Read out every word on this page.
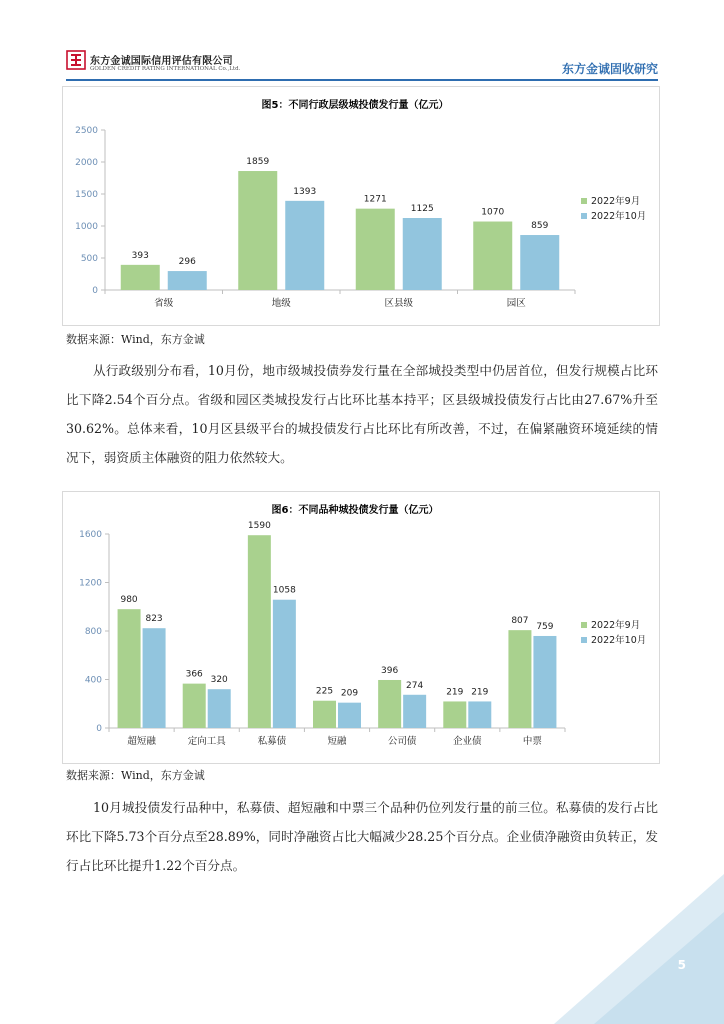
东方金诚国际信用评估有限公司
GOLDEN CREDIT RATING INTERNATIONAL Co.,Ltd.	东方金诚固收研究
图5：不同行政层级城投债发行量（亿元）
0
500
1000
1500
2000
2500
省级
393
296
地级
1859
1393
区县级
1271
1125
园区
1070
859
2022年9月
2022年10月
数据来源：Wind，东方金诚
从行政级别分布看，10月份，地市级城投债券发行量在全部城投类型中仍居首位，但发行规模占比环比下降2.54个百分点。省级和园区类城投发行占比环比基本持平；区县级城投债发行占比由27.67%升至30.62%。总体来看，10月区县级平台的城投债发行占比环比有所改善，不过，在偏紧融资环境延续的情况下，弱资质主体融资的阻力依然较大。
图6：不同品种城投债发行量（亿元）
0
400
800
1200
1600
超短融
980
823
定向工具
366
320
私募债
1590
1058
短融
225 209
公司债
396
274
企业债
219 219
中票
807
759	2022年9月
2022年10月
数据来源：Wind，东方金诚
10月城投债发行品种中，私募债、超短融和中票三个品种仍位列发行量的前三位。私募债的发行占比环比下降5.73个百分点至28.89%，同时净融资占比大幅减少28.25个百分点。企业债净融资由负转正，发行占比环比提升1.22个百分点。
5
